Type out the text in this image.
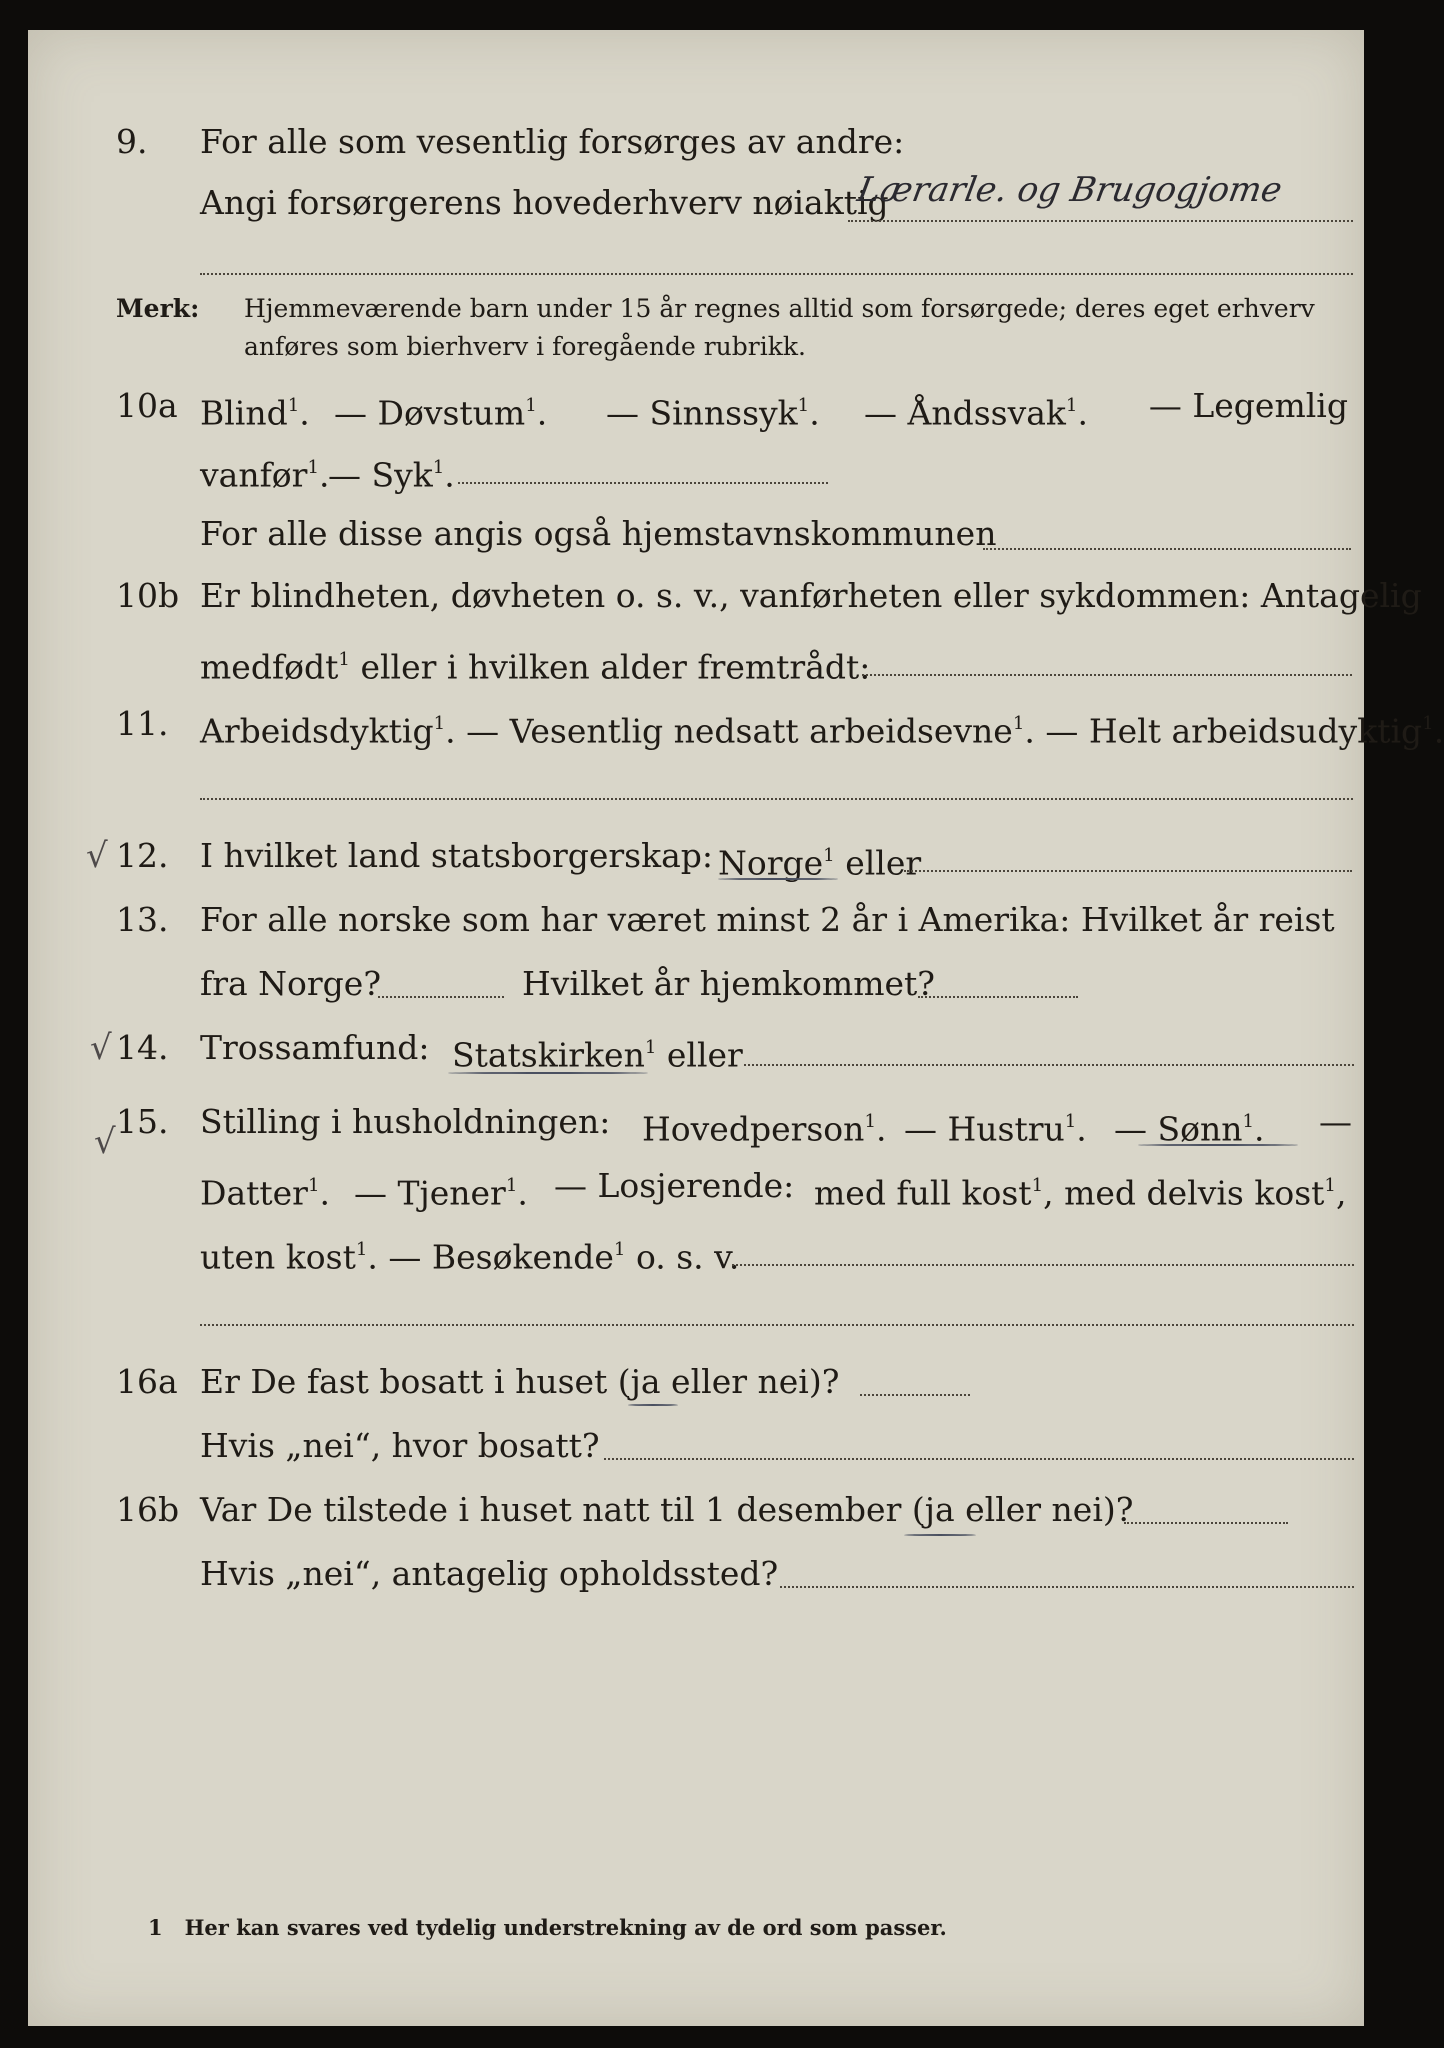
9. For alle som vesentlig forsørges av andre:
Angi forsørgerens hovederhverv nøiaktig
Lærarle. og Brugogjome
Merk: Hjemmeværende barn under 15 år regnes alltid som forsørgede; deres eget erhverv
anføres som bierhverv i foregående rubrikk.
10a Blind$^1$. — Døvstum$^1$. — Sinnssyk$^1$. — Åndssvak$^1$. — Legemlig
vanfør$^1$.
— Syk$^1$.
For alle disse angis også hjemstavnskommunen
10b Er blindheten, døvheten o. s. v., vanførheten eller sykdommen: Antagelig
medfødt$^1$ eller i hvilken alder fremtrådt:
11. Arbeidsdyktig$^1$. — Vesentlig nedsatt arbeidsevne$^1$. — Helt arbeidsudyktig$^1$.
√ 12. I hvilket land statsborgerskap: Norge$^1$ eller
13. For alle norske som har været minst 2 år i Amerika: Hvilket år reist
fra Norge?	Hvilket år hjemkommet?
√ 14. Trossamfund: Statskirken$^1$ eller
√
15. Stilling i husholdningen: Hovedperson$^1$. — Hustru$^1$. — Sønn$^1$. —
Datter$^1$. — Tjener$^1$. — Losjerende: med full kost$^1$, med delvis kost$^1$,
uten kost$^1$. — Besøkende$^1$ o. s. v.
16a Er De fast bosatt i huset (ja eller nei)?
Hvis „nei“, hvor bosatt?
16b Var De tilstede i huset natt til 1 desember (ja eller nei)?
Hvis „nei“, antagelig opholdssted?
1 Her kan svares ved tydelig understrekning av de ord som passer.
